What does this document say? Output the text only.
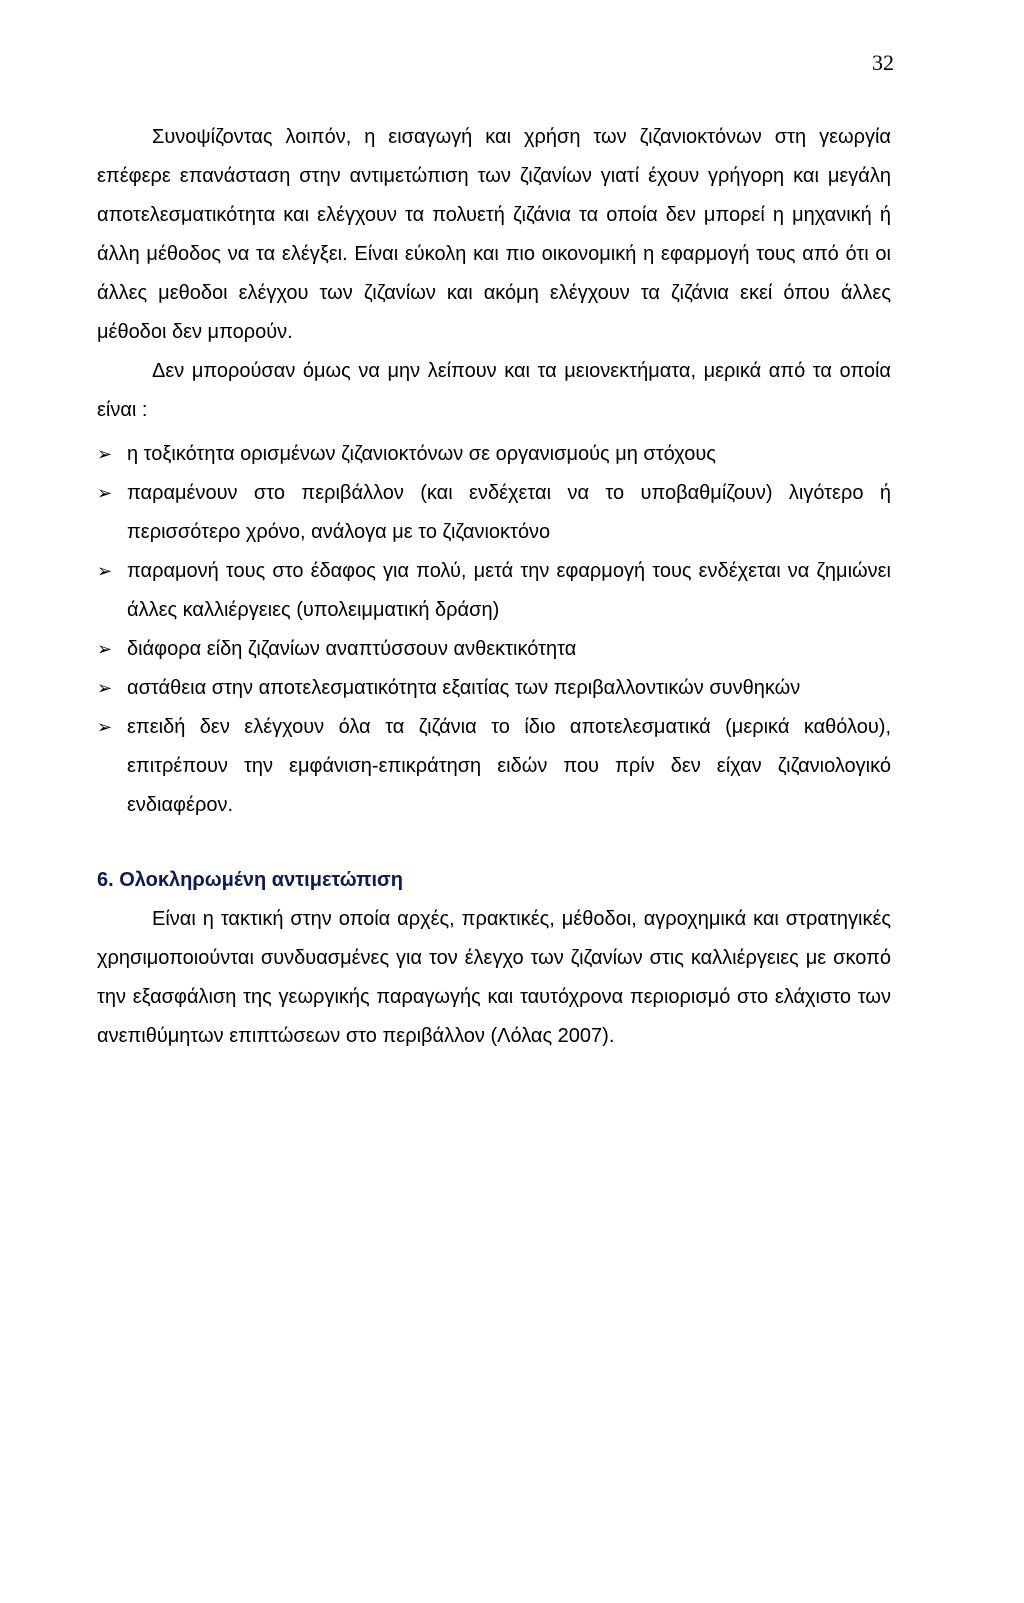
32

Συνοψίζοντας λοιπόν, η εισαγωγή και χρήση των ζιζανιοκτόνων στη γεωργία επέφερε επανάσταση στην αντιμετώπιση των ζιζανίων γιατί έχουν γρήγορη και μεγάλη αποτελεσματικότητα και ελέγχουν τα πολυετή ζιζάνια τα οποία δεν μπορεί η μηχανική ή άλλη μέθοδος να τα ελέγξει. Είναι εύκολη και πιο οικονομική η εφαρμογή τους από ότι οι άλλες μεθοδοι ελέγχου των ζιζανίων και ακόμη ελέγχουν τα ζιζάνια εκεί όπου άλλες μέθοδοι δεν μπορούν.

Δεν μπορούσαν όμως να μην λείπουν και τα μειονεκτήματα, μερικά από τα οποία είναι :

➢ η τοξικότητα ορισμένων ζιζανιοκτόνων σε οργανισμούς μη στόχους
➢ παραμένουν στο περιβάλλον (και ενδέχεται να το υποβαθμίζουν) λιγότερο ή περισσότερο χρόνο, ανάλογα με το ζιζανιοκτόνο
➢ παραμονή τους στο έδαφος για πολύ, μετά την εφαρμογή τους ενδέχεται να ζημιώνει άλλες καλλιέργειες (υπολειμματική δράση)
➢ διάφορα είδη ζιζανίων αναπτύσσουν ανθεκτικότητα
➢ αστάθεια στην αποτελεσματικότητα εξαιτίας των περιβαλλοντικών συνθηκών
➢ επειδή δεν ελέγχουν όλα τα ζιζάνια το ίδιο αποτελεσματικά (μερικά καθόλου), επιτρέπουν την εμφάνιση-επικράτηση ειδών που πρίν δεν είχαν ζιζανιολογικό ενδιαφέρον.
6. Ολοκληρωμένη αντιμετώπιση

Είναι η τακτική στην οποία αρχές, πρακτικές, μέθοδοι, αγροχημικά και στρατηγικές χρησιμοποιούνται συνδυασμένες για τον έλεγχο των ζιζανίων στις καλλιέργειες με σκοπό την εξασφάλιση της γεωργικής παραγωγής και ταυτόχρονα περιορισμό στο ελάχιστο των ανεπιθύμητων επιπτώσεων στο περιβάλλον (Λόλας 2007).
